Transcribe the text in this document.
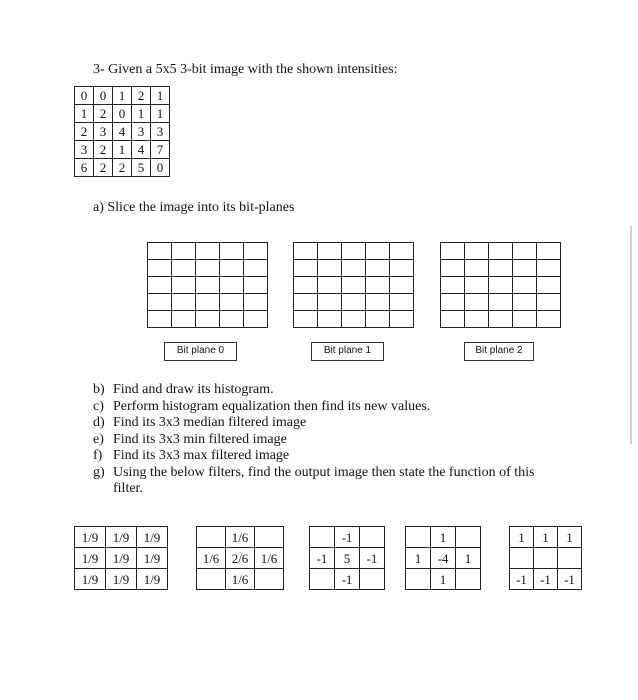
3- Given a 5x5 3-bit image with the shown intensities:
0	0	1	2	1
1	2	0	1	1
2	3	4	3	3
3	2	1	4	7
6	2	2	5	0
a) Slice the image into its bit-planes

Bit plane 0	Bit plane 1	Bit plane 2
b) Find and draw its histogram.
c) Perform histogram equalization then find its new values.
d) Find its 3x3 median filtered image
e) Find its 3x3 min filtered image
f) Find its 3x3 max filtered image
g) Using the below filters, find the output image then state the function of this
filter.
1/9	1/9	1/9
1/9	1/9	1/9
1/9	1/9	1/9
	1/6	
1/6	2/6	1/6
	1/6	
	-1	
-1	5	-1
	-1	
	1	
1	-4	1
	1	
1	1	1

-1	-1	-1
